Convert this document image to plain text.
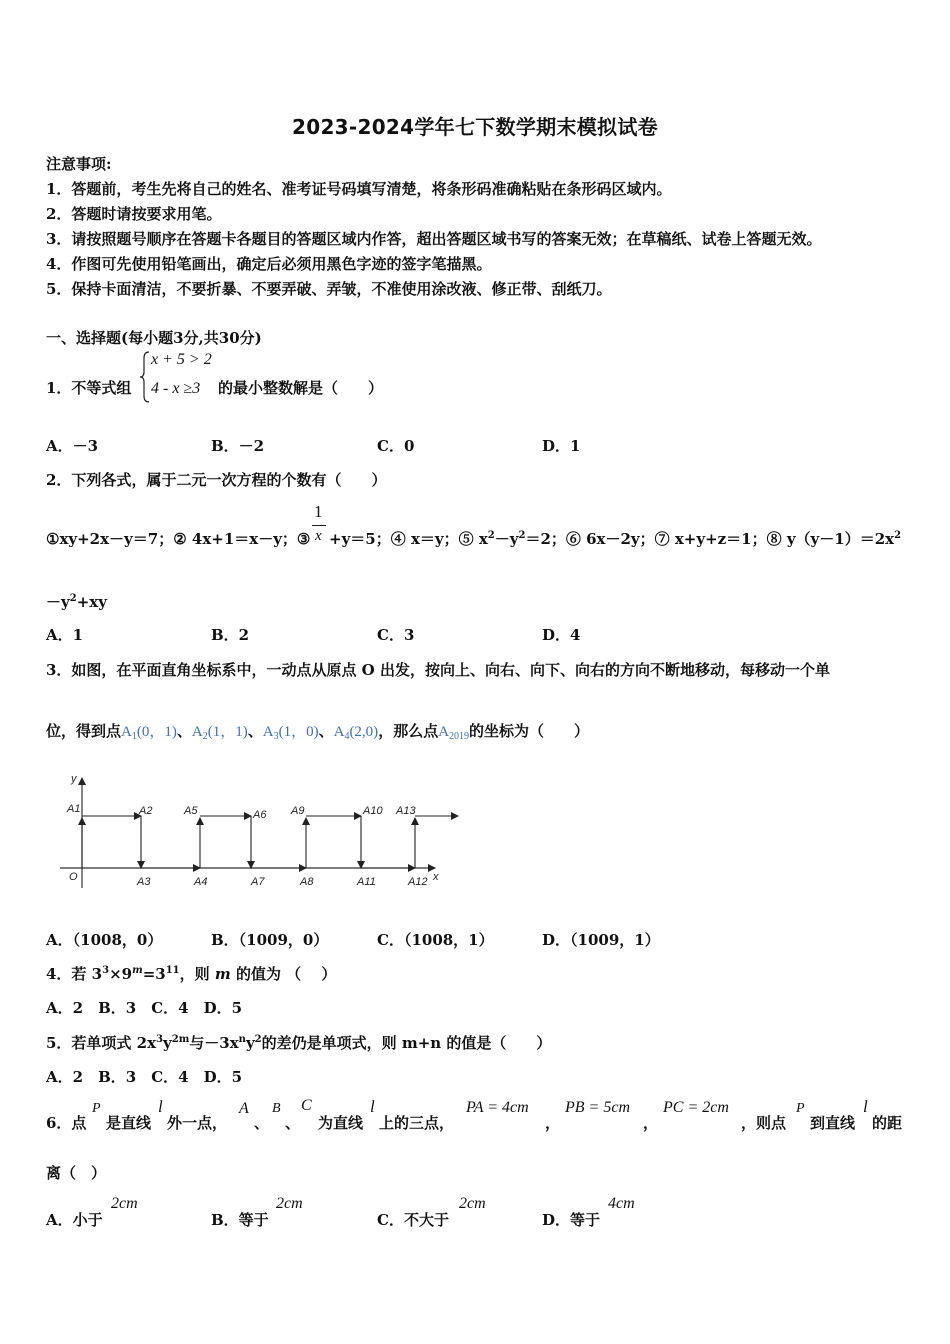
2023-2024学年七下数学期末模拟试卷
注意事项:
1．答题前，考生先将自己的姓名、准考证号码填写清楚，将条形码准确粘贴在条形码区域内。
2．答题时请按要求用笔。
3．请按照题号顺序在答题卡各题目的答题区域内作答，超出答题区域书写的答案无效；在草稿纸、试卷上答题无效。
4．作图可先使用铅笔画出，确定后必须用黑色字迹的签字笔描黑。
5．保持卡面清洁，不要折暴、不要弄破、弄皱，不准使用涂改液、修正带、刮纸刀。
一、选择题(每小题3分,共30分)
1．不等式组
x + 5 > 2
4 - x ≥3 的最小整数解是（　　）
A．－3	B．－2	C．0	D．1
2．下列各式，属于二元一次方程的个数有（　　）
①xy+2x－y＝7；② 4x+1＝x－y；③
1
x +y＝5；④ x＝y；⑤ $x^2-y^2=2$；⑥ 6x－2y；⑦ x+y+z＝1；⑧ $y(y-1)=2x^2$
$-y^2+xy$
A．1	B．2	C．3	D．4
3．如图，在平面直角坐标系中，一动点从原点 O 出发，按向上、向右、向下、向右的方向不断地移动，每移动一个单
位，得到点$A_1(0$，1)、$A_2(1$，1)、$A_3(1$，0)、$A_4(2,0)$，那么点$A_{2019}$的坐标为（　　）
y
x
O
A1	A2	A5	A6 A9	A10 A13
A3	A4	A7	A8	A11	A12
A．（1008，0）	B．（1009，0）	C．（1008，1）	D．（1009，1）
4．若 $3^3\times 9^m=3^{11}$，则 m 的值为 （　 ）
A．2　B．3　C．4　D．5
5．若单项式 $2x^3y^{2m}$与$-3x^ny^2$的差仍是单项式，则 m+n 的值是（　　）
A．2　B．3　C．4　D．5
6．点
P
是直线
l
外一点，
A
、
B
、
C
为直线
l
上的三点，
PA = 4cm
，
PB = 5cm
，
PC = 2cm
，则点
P
到直线
l
的距
离（　）
A．小于
2cm
B．等于
2cm
C．不大于
2cm
D．等于
4cm
